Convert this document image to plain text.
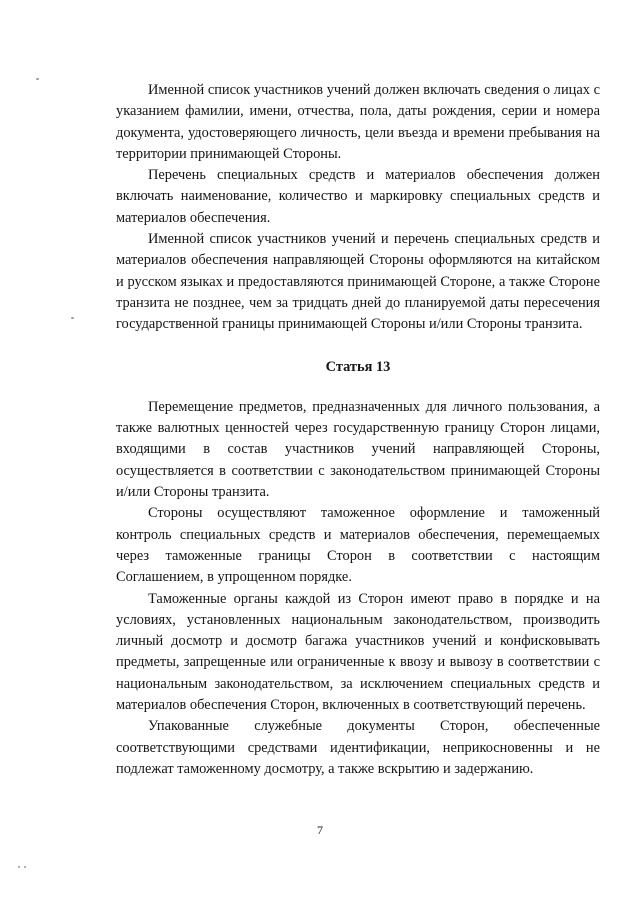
Именной список участников учений должен включать сведения о лицах с указанием фамилии, имени, отчества, пола, даты рождения, серии и номера документа, удостоверяющего личность, цели въезда и времени пребывания на территории принимающей Стороны.

Перечень специальных средств и материалов обеспечения должен включать наименование, количество и маркировку специальных средств и материалов обеспечения.

Именной список участников учений и перечень специальных средств и материалов обеспечения направляющей Стороны оформляются на китайском и русском языках и предоставляются принимающей Стороне, а также Стороне транзита не позднее, чем за тридцать дней до планируемой даты пересечения государственной границы принимающей Стороны и/или Стороны транзита.

Статья 13

Перемещение предметов, предназначенных для личного пользования, а также валютных ценностей через государственную границу Сторон лицами, входящими в состав участников учений направляющей Стороны, осуществляется в соответствии с законодательством принимающей Стороны и/или Стороны транзита.

Стороны осуществляют таможенное оформление и таможенный контроль специальных средств и материалов обеспечения, перемещаемых через таможенные границы Сторон в соответствии с настоящим Соглашением, в упрощенном порядке.

Таможенные органы каждой из Сторон имеют право в порядке и на условиях, установленных национальным законодательством, производить личный досмотр и досмотр багажа участников учений и конфисковывать предметы, запрещенные или ограниченные к ввозу и вывозу в соответствии с национальным законодательством, за исключением специальных средств и материалов обеспечения Сторон, включенных в соответствующий перечень.

Упакованные служебные документы Сторон, обеспеченные соответствующими средствами идентификации, неприкосновенны и не подлежат таможенному досмотру, а также вскрытию и задержанию.

7
